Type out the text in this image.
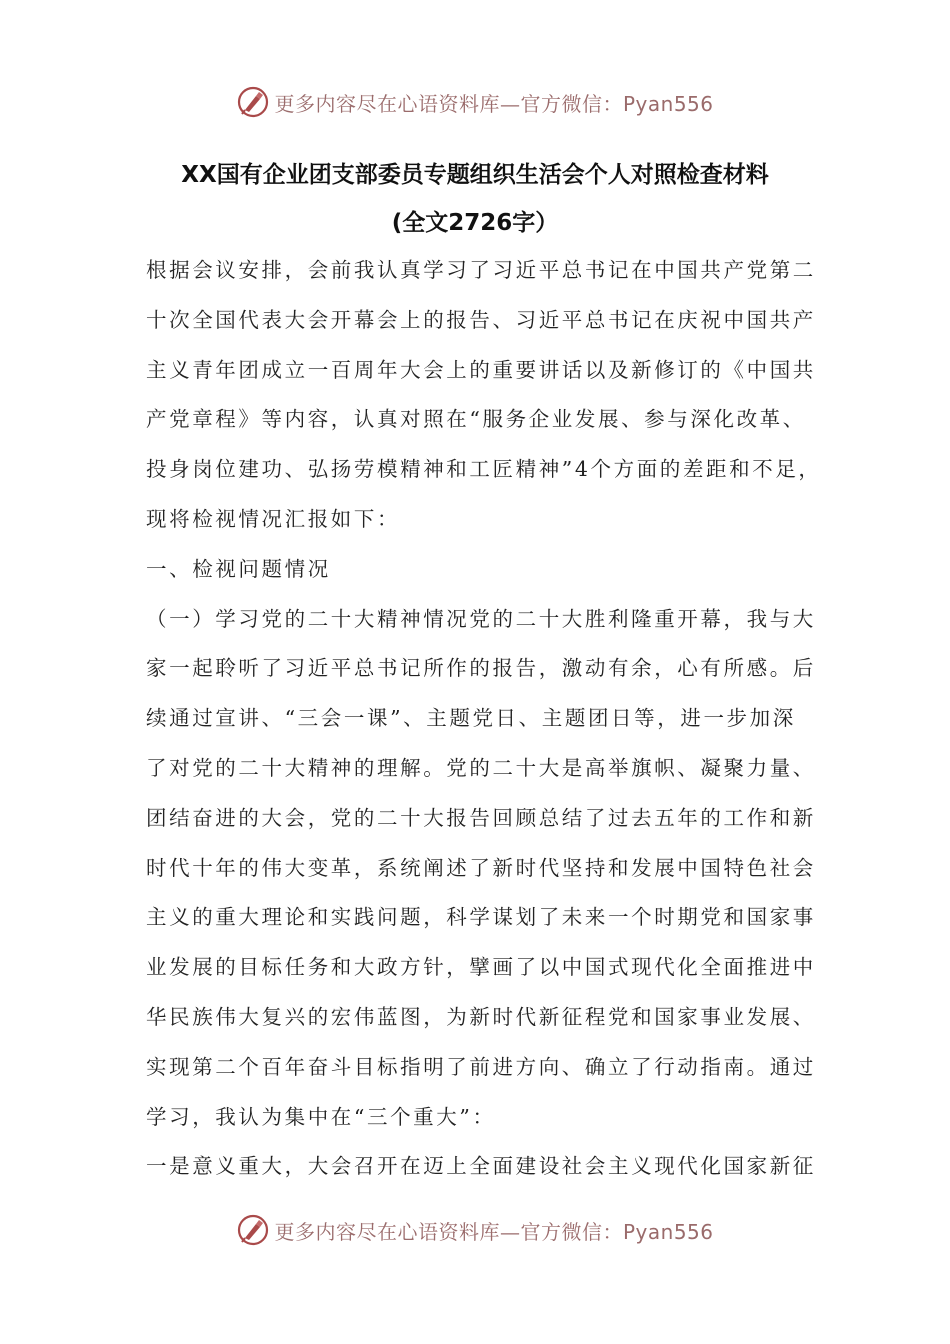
更多内容尽在心语资料库—官方微信：Pyan556
XX国有企业团支部委员专题组织生活会个人对照检查材料
(全文2726字）
根据会议安排，会前我认真学习了习近平总书记在中国共产党第二
十次全国代表大会开幕会上的报告、习近平总书记在庆祝中国共产
主义青年团成立一百周年大会上的重要讲话以及新修订的《中国共
产党章程》等内容，认真对照在“服务企业发展、参与深化改革、
投身岗位建功、弘扬劳模精神和工匠精神”4个方面的差距和不足，
现将检视情况汇报如下：
一、检视问题情况
（一）学习党的二十大精神情况党的二十大胜利隆重开幕，我与大
家一起聆听了习近平总书记所作的报告，激动有余，心有所感。后
续通过宣讲、“三会一课”、主题党日、主题团日等，进一步加深
了对党的二十大精神的理解。党的二十大是高举旗帜、凝聚力量、
团结奋进的大会，党的二十大报告回顾总结了过去五年的工作和新
时代十年的伟大变革，系统阐述了新时代坚持和发展中国特色社会
主义的重大理论和实践问题，科学谋划了未来一个时期党和国家事
业发展的目标任务和大政方针，擘画了以中国式现代化全面推进中
华民族伟大复兴的宏伟蓝图，为新时代新征程党和国家事业发展、
实现第二个百年奋斗目标指明了前进方向、确立了行动指南。通过
学习，我认为集中在“三个重大”：
一是意义重大，大会召开在迈上全面建设社会主义现代化国家新征
更多内容尽在心语资料库—官方微信：Pyan556
